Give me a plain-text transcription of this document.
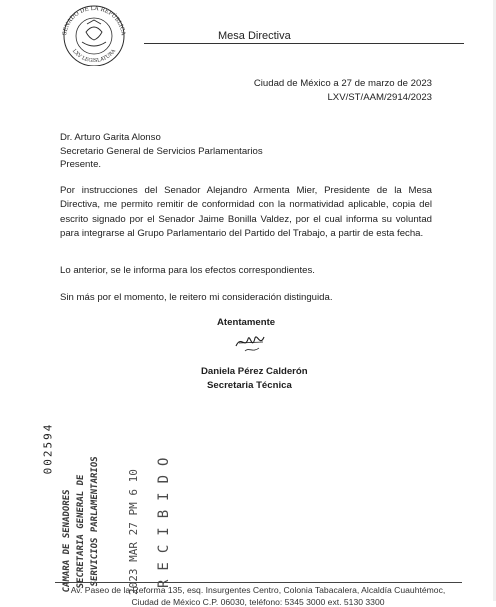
SENADO DE LA REPÚBLICA
LXV LEGISLATURA
Mesa Directiva
Ciudad de México a 27 de marzo de 2023
LXV/ST/AAM/2914/2023
Dr. Arturo Garita Alonso
Secretario General de Servicios Parlamentarios
Presente.
Por instrucciones del Senador Alejandro Armenta Mier, Presidente de la Mesa Directiva, me permito remitir de conformidad con la normatividad aplicable, copia del escrito signado por el Senador Jaime Bonilla Valdez, por el cual informa su voluntad para integrarse al Grupo Parlamentario del Partido del Trabajo, a partir de esta fecha.
Lo anterior, se le informa para los efectos correspondientes.
Sin más por el momento, le reitero mi consideración distinguida.
Atentamente
Daniela Pérez Calderón
Secretaria Técnica
002594
CAMARA DE SENADORES SECRETARIA GENERAL DE SERVICIOS PARLAMENTARIOS 2023 MAR 27 PM 6 10 RECIBIDO
Av. Paseo de la Reforma 135, esq. Insurgentes Centro, Colonia Tabacalera, Alcaldía Cuauhtémoc,
Ciudad de México C.P. 06030, teléfono: 5345 3000 ext. 5130 3300
